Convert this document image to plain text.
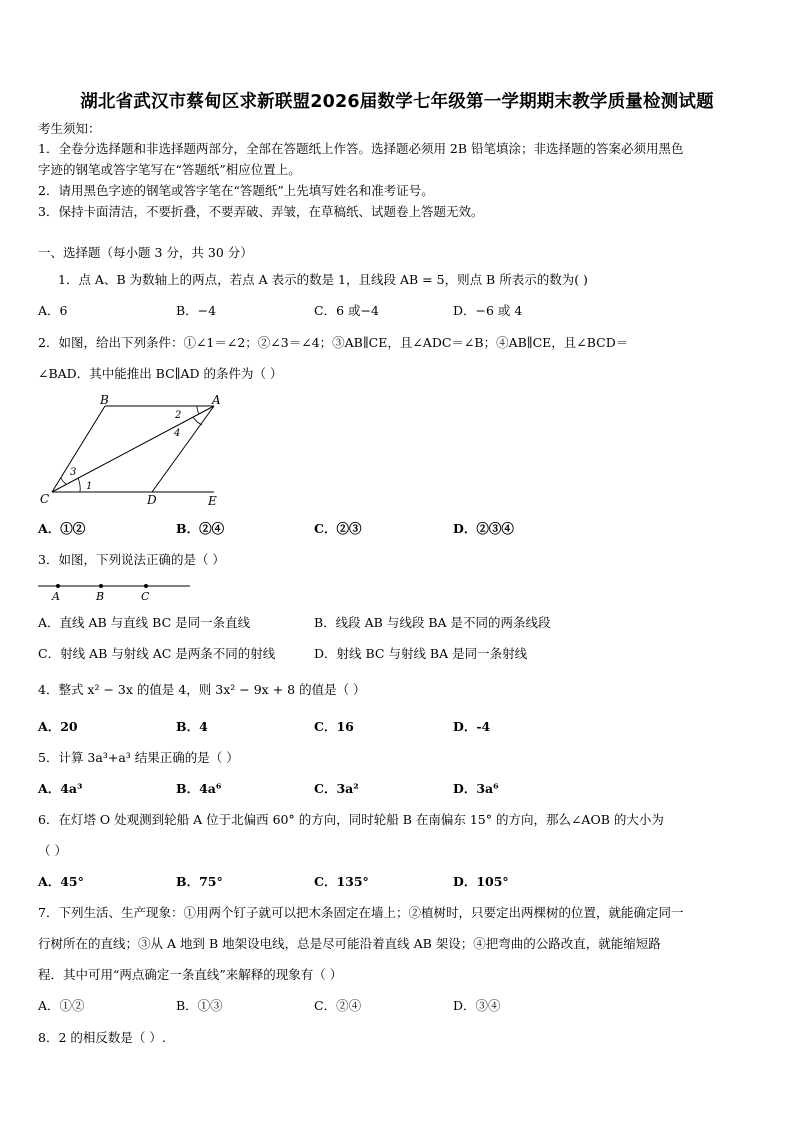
湖北省武汉市蔡甸区求新联盟2026届数学七年级第一学期期末教学质量检测试题
考生须知：
1．全卷分选择题和非选择题两部分，全部在答题纸上作答。选择题必须用 2B 铅笔填涂；非选择题的答案必须用黑色
字迹的钢笔或答字笔写在“答题纸”相应位置上。
2．请用黑色字迹的钢笔或答字笔在“答题纸”上先填写姓名和准考证号。
3．保持卡面清洁，不要折叠，不要弄破、弄皱，在草稿纸、试题卷上答题无效。
一、选择题（每小题 3 分，共 30 分）
1．点 A、B 为数轴上的两点，若点 A 表示的数是 1，且线段 AB = 5，则点 B 所表示的数为( )
A．6	B．−4	C．6 或−4	D．−6 或 4
2．如图，给出下列条件：①∠1＝∠2；②∠3＝∠4；③AB∥CE，且∠ADC＝∠B；④AB∥CE，且∠BCD＝
∠BAD．其中能推出 BC∥AD 的条件为（ ）
B	A
2
4
3
1
C	D	E
A．①②	B．②④	C．②③	D．②③④
3．如图，下列说法正确的是（ ）
A	B	C
A．直线 AB 与直线 BC 是同一条直线	B．线段 AB 与线段 BA 是不同的两条线段
C．射线 AB 与射线 AC 是两条不同的射线	D．射线 BC 与射线 BA 是同一条射线
4．整式 x² − 3x 的值是 4，则 3x² − 9x + 8 的值是（ ）
A．20	B．4	C．16	D．-4
5．计算 3a³+a³ 结果正确的是（ ）
A．4a³	B．4a⁶	C．3a²	D．3a⁶
6．在灯塔 O 处观测到轮船 A 位于北偏西 60° 的方向，同时轮船 B 在南偏东 15° 的方向，那么∠AOB 的大小为
（ ）
A．45°	B．75°	C．135°	D．105°
7．下列生活、生产现象：①用两个钉子就可以把木条固定在墙上；②植树时，只要定出两棵树的位置，就能确定同一
行树所在的直线；③从 A 地到 B 地架设电线，总是尽可能沿着直线 AB 架设；④把弯曲的公路改直，就能缩短路
程．其中可用“两点确定一条直线”来解释的现象有（ ）
A．①②	B．①③	C．②④	D．③④
8．2 的相反数是（ ）.
